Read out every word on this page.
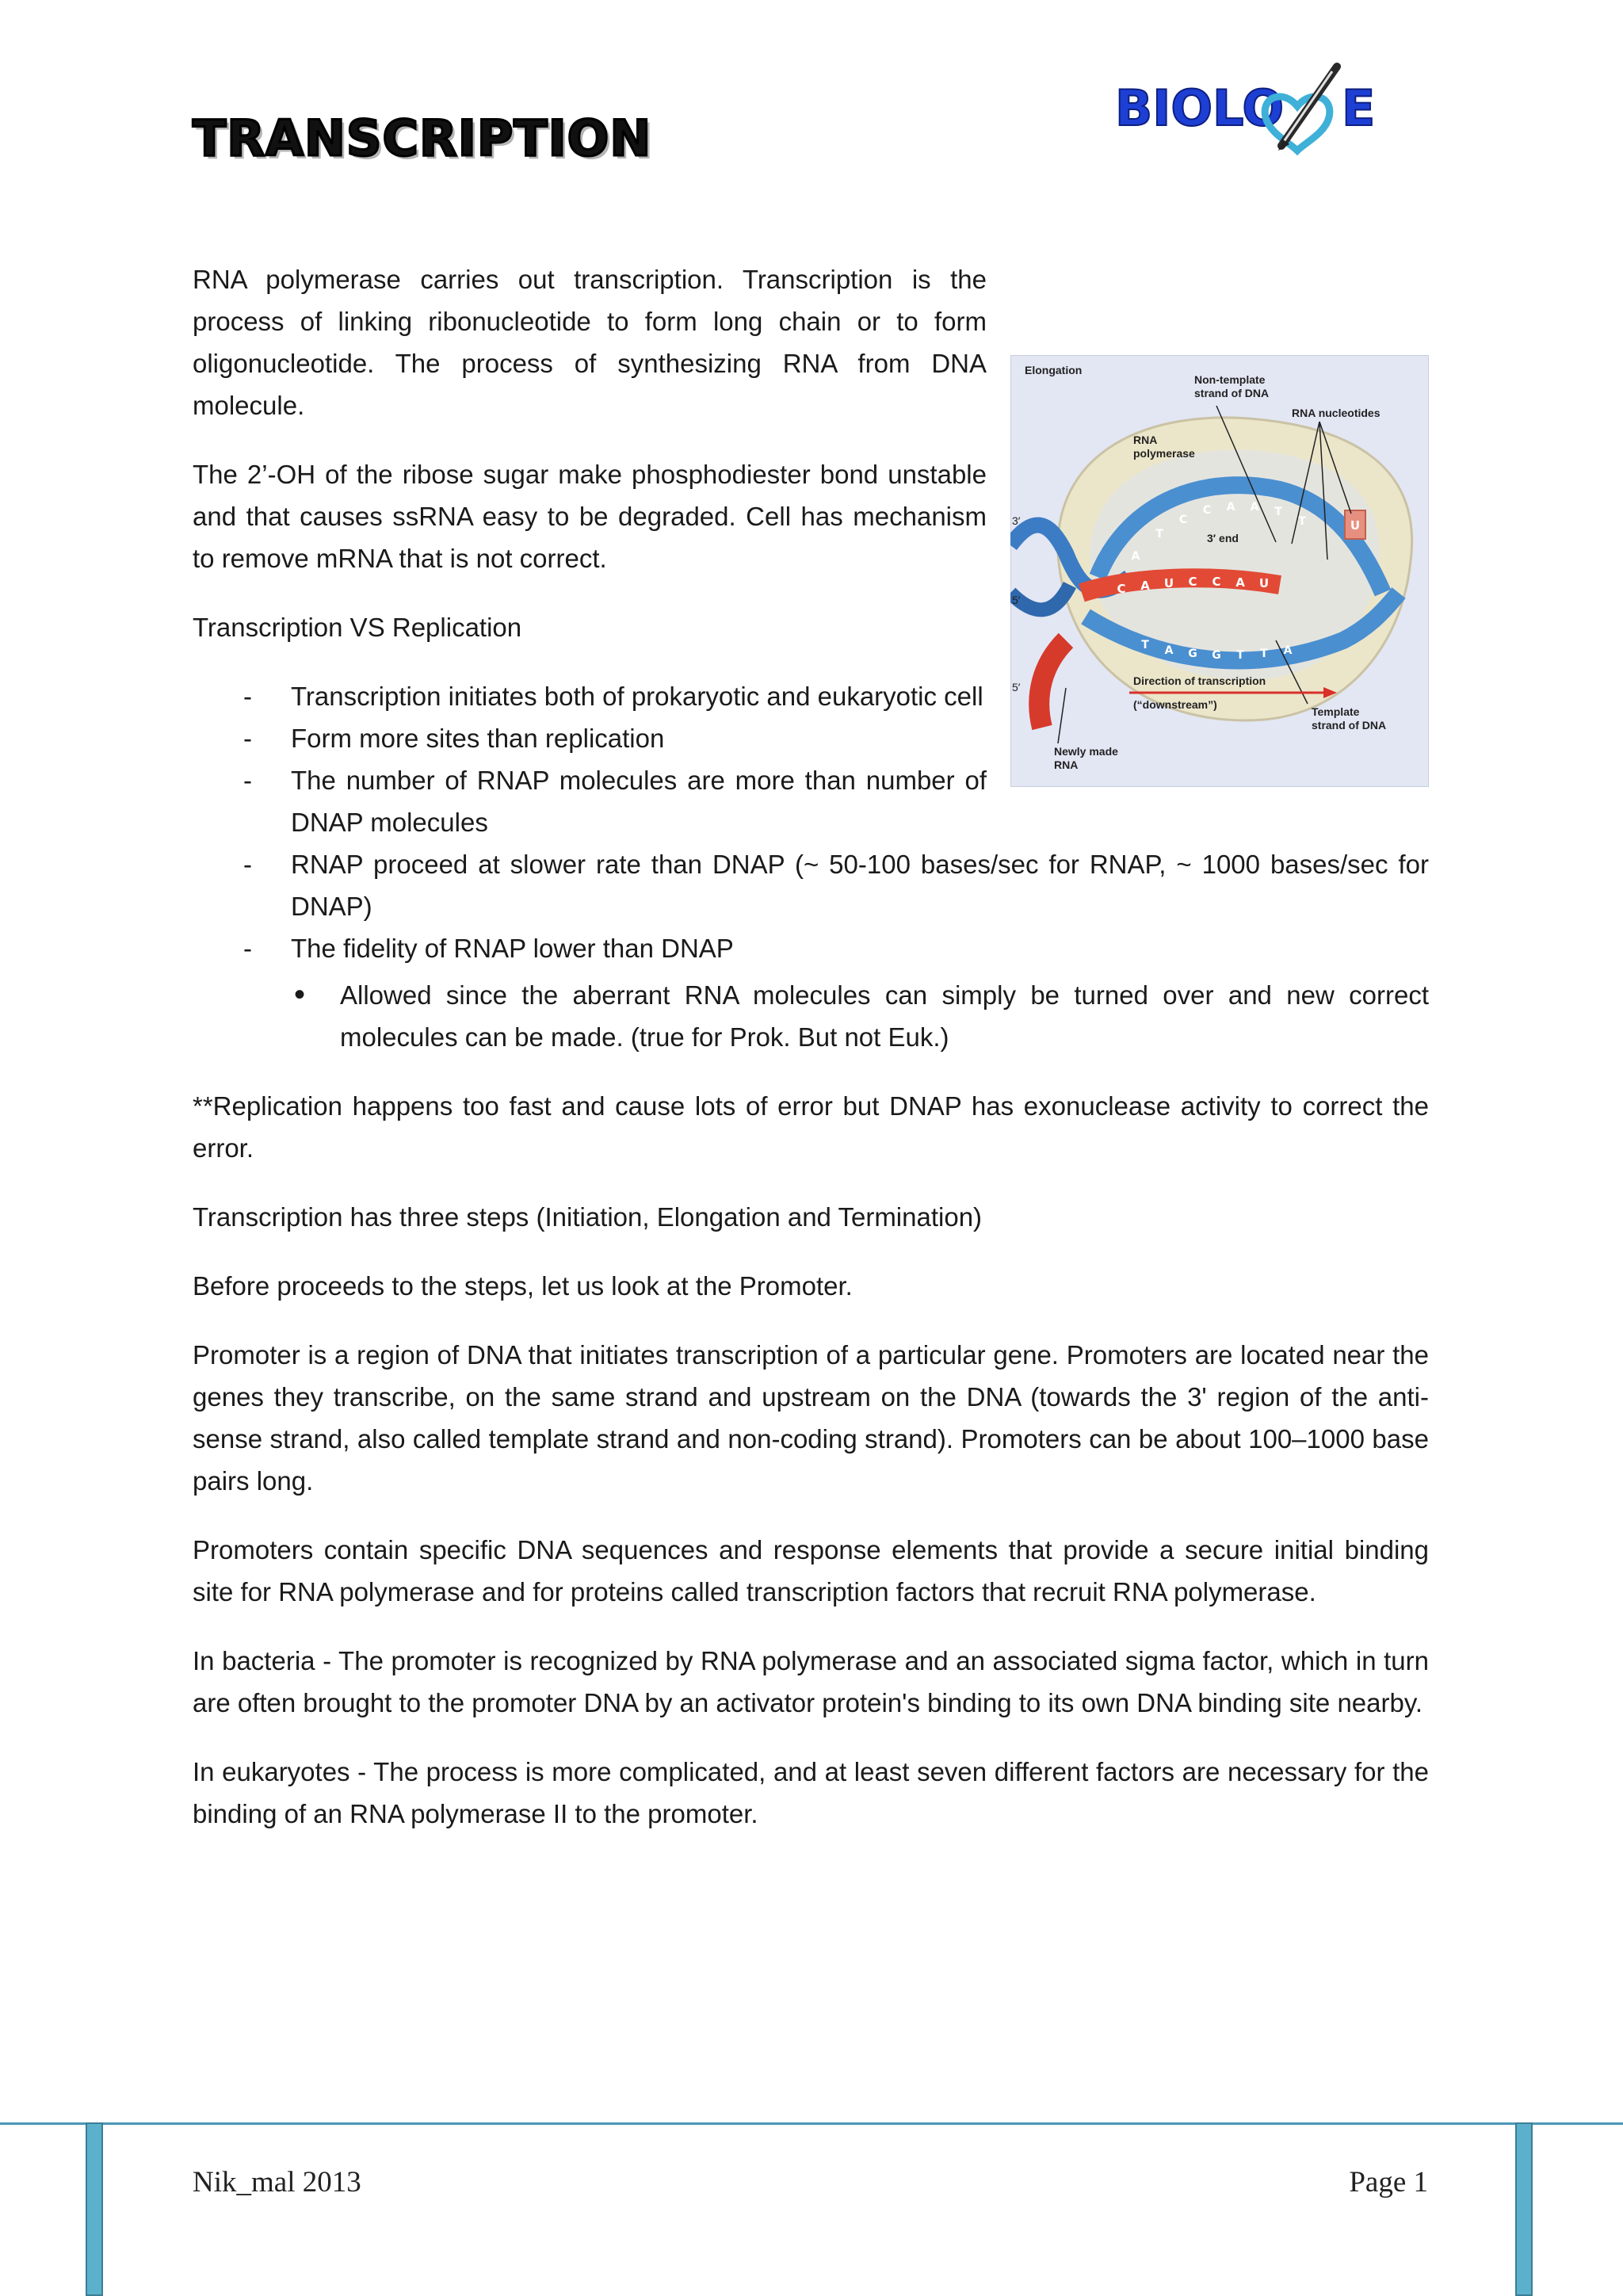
TRANSCRIPTION
BIOLO E
A
T
C
C A A T
T
C A U C C A U
T A G G T T A
U
Elongation
Non-template
strand of DNA
RNA nucleotides
RNA
polymerase
3′ end
Direction of transcription
(“downstream”)
Template
strand of DNA
Newly made
RNA
3′
5′
5′

RNA polymerase carries out transcription. Transcription is the process of linking ribonucleotide to form long chain or to form oligonucleotide. The process of synthesizing RNA from DNA molecule.

The 2’-OH of the ribose sugar make phosphodiester bond unstable and that causes ssRNA easy to be degraded. Cell has mechanism to remove mRNA that is not correct.

Transcription VS Replication

- Transcription initiates both of prokaryotic and eukaryotic cell
- Form more sites than replication
- The number of RNAP molecules are more than number of DNAP molecules
- RNAP proceed at slower rate than DNAP (~ 50-100 bases/sec for RNAP, ~ 1000 bases/sec for DNAP)
- The fidelity of RNAP lower than DNAP
• Allowed since the aberrant RNA molecules can simply be turned over and new correct molecules can be made. (true for Prok. But not Euk.)

**Replication happens too fast and cause lots of error but DNAP has exonuclease activity to correct the error.

Transcription has three steps (Initiation, Elongation and Termination)

Before proceeds to the steps, let us look at the Promoter.

Promoter is a region of DNA that initiates transcription of a particular gene. Promoters are located near the genes they transcribe, on the same strand and upstream on the DNA (towards the 3' region of the anti-sense strand, also called template strand and non-coding strand). Promoters can be about 100–1000 base pairs long.

Promoters contain specific DNA sequences and response elements that provide a secure initial binding site for RNA polymerase and for proteins called transcription factors that recruit RNA polymerase.

In bacteria - The promoter is recognized by RNA polymerase and an associated sigma factor, which in turn are often brought to the promoter DNA by an activator protein's binding to its own DNA binding site nearby.

In eukaryotes - The process is more complicated, and at least seven different factors are necessary for the binding of an RNA polymerase II to the promoter.

Nik_mal 2013	Page 1
